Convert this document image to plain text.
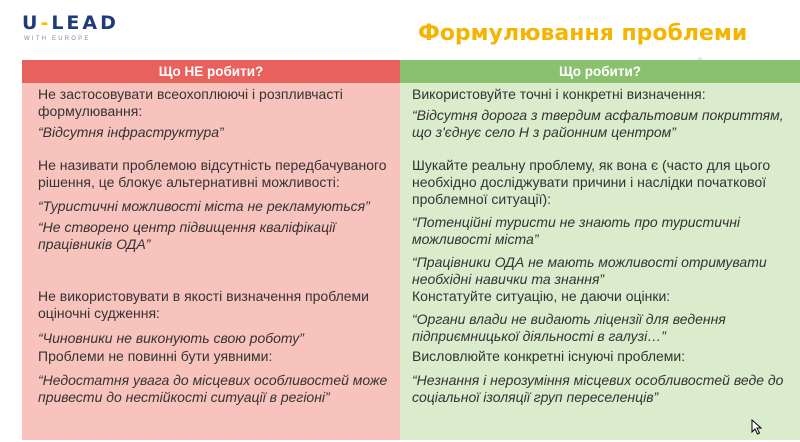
U-LEAD
WITH EUROPE	Формулювання проблеми
Що НЕ робити?

Не застосовувати всеохоплюючі і розпливчасті формулювання:

“Відсутня інфраструктура”

Не називати проблемою відсутність передбачуваного рішення, це блокує альтернативні можливості:

“Туристичні можливості міста не рекламуються”

“Не створено центр підвищення кваліфікації працівників ОДА”

Не використовувати в якості визначення проблеми оціночні судження:

“Чиновники не виконують свою роботу”

Проблеми не повинні бути уявними:

“Недостатня увага до місцевих особливостей може привести до нестійкості ситуації в регіоні”

Що робити?

Використовуйте точні і конкретні визначення:

“Відсутня дорога з твердим асфальтовим покриттям, що з'єднує село Н з районним центром”

Шукайте реальну проблему, як вона є (часто для цього необхідно досліджувати причини і наслідки початкової проблемної ситуації):

“Потенційні туристи не знають про туристичні можливості міста”

“Працівники ОДА не мають можливості отримувати необхідні навички та знання”

Констатуйте ситуацію, не даючи оцінки:

“Органи влади не видають ліцензії для ведення підприємницької діяльності в галузі…”

Висловлюйте конкретні існуючі проблеми:

“Незнання і нерозуміння місцевих особливостей веде до соціальної ізоляції груп переселенців”
